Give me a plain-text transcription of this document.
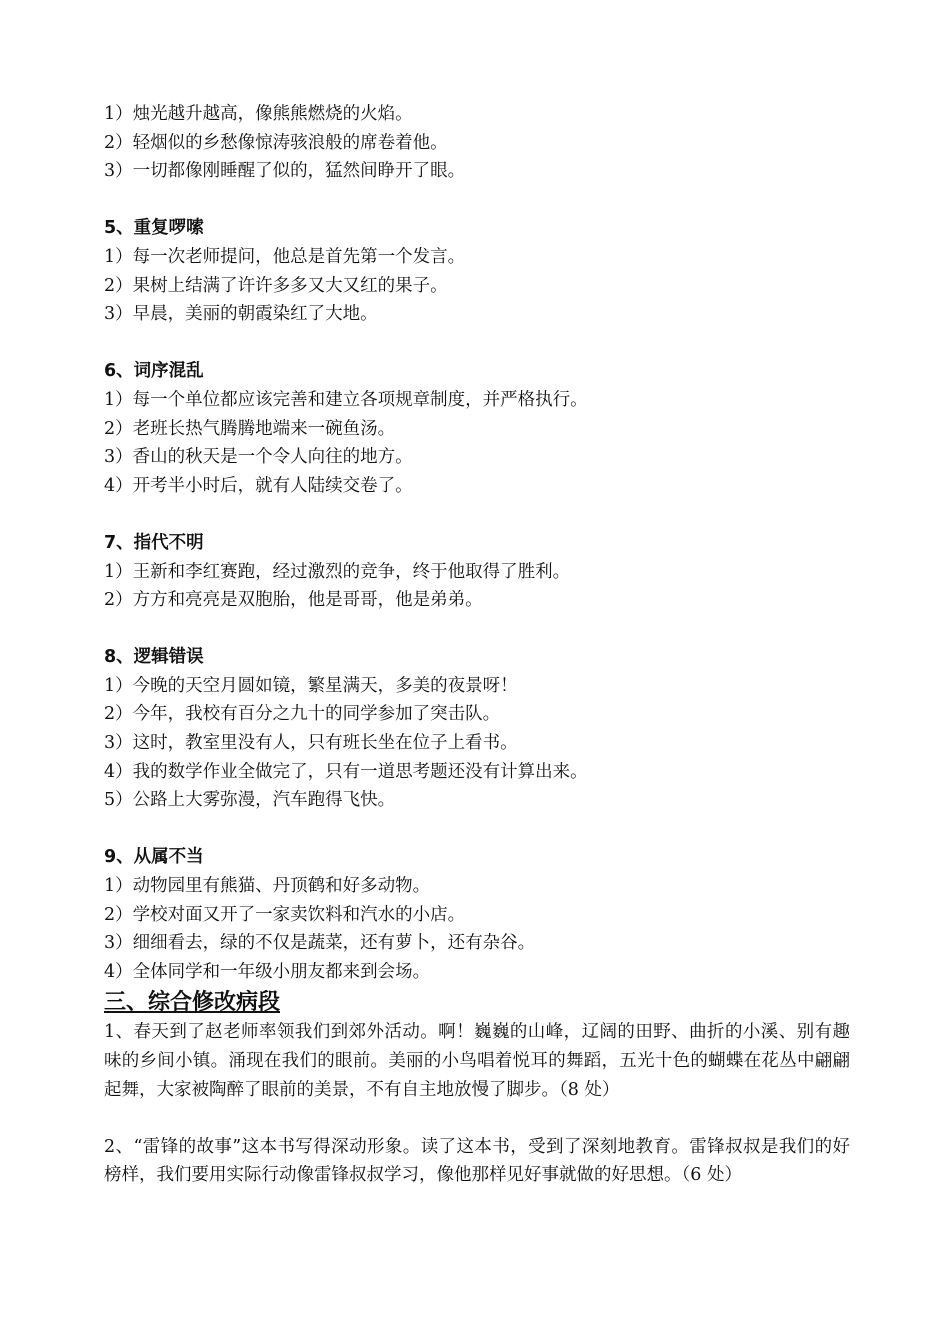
1）烛光越升越高，像熊熊燃烧的火焰。
2）轻烟似的乡愁像惊涛骇浪般的席卷着他。
3）一切都像刚睡醒了似的，猛然间睁开了眼。
5、重复啰嗦
1）每一次老师提问，他总是首先第一个发言。
2）果树上结满了许许多多又大又红的果子。
3）早晨，美丽的朝霞染红了大地。
6、词序混乱
1）每一个单位都应该完善和建立各项规章制度，并严格执行。
2）老班长热气腾腾地端来一碗鱼汤。
3）香山的秋天是一个令人向往的地方。
4）开考半小时后，就有人陆续交卷了。
7、指代不明
1）王新和李红赛跑，经过激烈的竞争，终于他取得了胜利。
2）方方和亮亮是双胞胎，他是哥哥，他是弟弟。
8、逻辑错误
1）今晚的天空月圆如镜，繁星满天，多美的夜景呀！
2）今年，我校有百分之九十的同学参加了突击队。
3）这时，教室里没有人，只有班长坐在位子上看书。
4）我的数学作业全做完了，只有一道思考题还没有计算出来。
5）公路上大雾弥漫，汽车跑得飞快。
9、从属不当
1）动物园里有熊猫、丹顶鹤和好多动物。
2）学校对面又开了一家卖饮料和汽水的小店。
3）细细看去，绿的不仅是蔬菜，还有萝卜，还有杂谷。
4）全体同学和一年级小朋友都来到会场。
三、综合修改病段
1、春天到了赵老师率领我们到郊外活动。啊！巍巍的山峰，辽阔的田野、曲折的小溪、别有趣味的乡间小镇。涌现在我们的眼前。美丽的小鸟唱着悦耳的舞蹈，五光十色的蝴蝶在花丛中翩翩起舞，大家被陶醉了眼前的美景，不有自主地放慢了脚步。（8 处）
2、“雷锋的故事”这本书写得深动形象。读了这本书，受到了深刻地教育。雷锋叔叔是我们的好榜样，我们要用实际行动像雷锋叔叔学习，像他那样见好事就做的好思想。（6 处）
